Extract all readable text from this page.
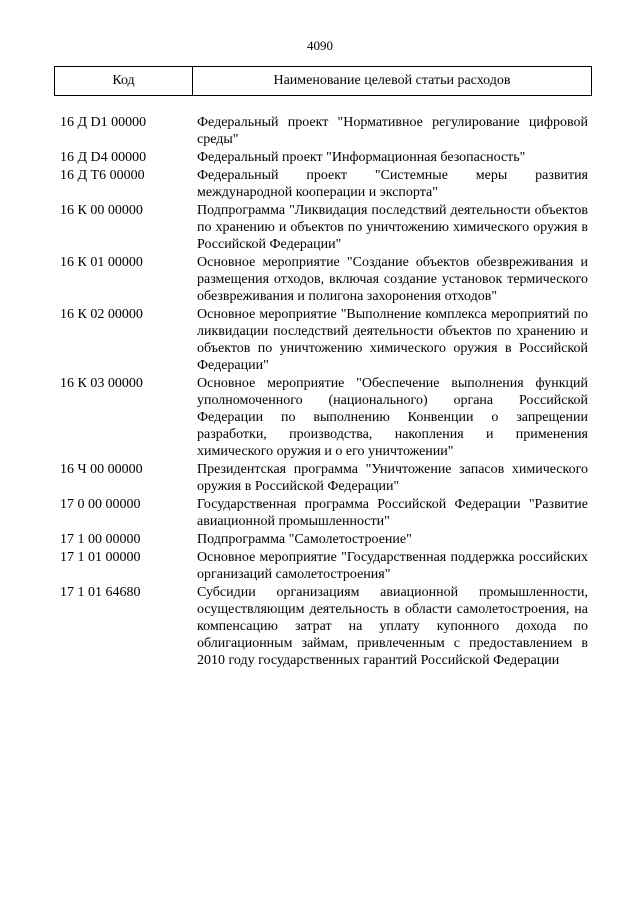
4090
Код	Наименование целевой статьи расходов
16 Д D1 00000	Федеральный проект "Нормативное регулирование цифровой среды"
16 Д D4 00000	Федеральный проект "Информационная безопасность"
16 Д Т6 00000	Федеральный проект "Системные меры развития международной кооперации и экспорта"
16 К 00 00000	Подпрограмма "Ликвидация последствий деятельности объектов по хранению и объектов по уничтожению химического оружия в Российской Федерации"
16 К 01 00000	Основное мероприятие "Создание объектов обезвреживания и размещения отходов, включая создание установок термического обезвреживания и полигона захоронения отходов"
16 К 02 00000	Основное мероприятие "Выполнение комплекса мероприятий по ликвидации последствий деятельности объектов по хранению и объектов по уничтожению химического оружия в Российской Федерации"
16 К 03 00000	Основное мероприятие "Обеспечение выполнения функций уполномоченного (национального) органа Российской Федерации по выполнению Конвенции о запрещении разработки, производства, накопления и применения химического оружия и о его уничтожении"
16 Ч 00 00000	Президентская программа "Уничтожение запасов химического оружия в Российской Федерации"
17 0 00 00000	Государственная программа Российской Федерации "Развитие авиационной промышленности"
17 1 00 00000	Подпрограмма "Самолетостроение"
17 1 01 00000	Основное мероприятие "Государственная поддержка российских организаций самолетостроения"
17 1 01 64680	Субсидии организациям авиационной промышленности, осуществляющим деятельность в области самолетостроения, на компенсацию затрат на уплату купонного дохода по облигационным займам, привлеченным с предоставлением в 2010 году государственных гарантий Российской Федерации
